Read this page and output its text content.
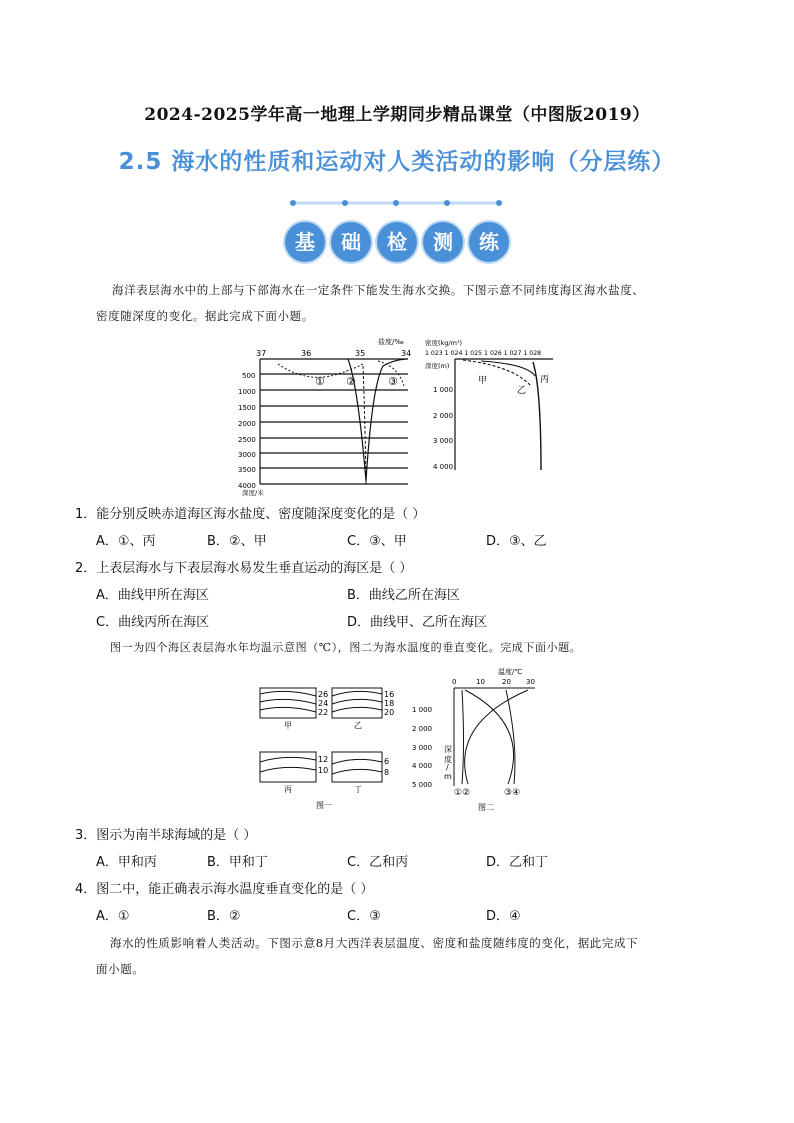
2024-2025学年高一地理上学期同步精品课堂（中图版2019）
2.5 海水的性质和运动对人类活动的影响（分层练）
基	础	检	测	练
海洋表层海水中的上部与下部海水在一定条件下能发生海水交换。下图示意不同纬度海区海水盐度、
密度随深度的变化。据此完成下面小题。
盐度/‰
37	36	35	34
500
1000
1500
2000
2500
3000
3500
4000
深度/米
① ②	③
密度(kg/m³)
1 023 1 024 1 025 1 026 1 027 1 028
深度(m)
1 000
2 000
3 000
4 000
甲
乙
丙
1．能分别反映赤道海区海水盐度、密度随深度变化的是（ ）
A．①、丙	B．②、甲	C．③、甲	D．③、乙
2．上表层海水与下表层海水易发生垂直运动的海区是（ ）
A．曲线甲所在海区	B．曲线乙所在海区
C．曲线丙所在海区	D．曲线甲、乙所在海区
图一为四个海区表层海水年均温示意图（℃），图二为海水温度的垂直变化。完成下面小题。
26
24
22
甲
16
18
20
乙
12
10
丙
6
8
丁
图一
温度/℃
0	10 20 30
1 000
2 000
3 000
4 000
5 000
深
度
/
m
①②	③④
图二
3．图示为南半球海域的是（ ）
A．甲和丙	B．甲和丁	C．乙和丙	D．乙和丁
4．图二中，能正确表示海水温度垂直变化的是（ ）
A．①	B．②	C．③	D．④
海水的性质影响着人类活动。下图示意8月大西洋表层温度、密度和盐度随纬度的变化，据此完成下
面小题。
